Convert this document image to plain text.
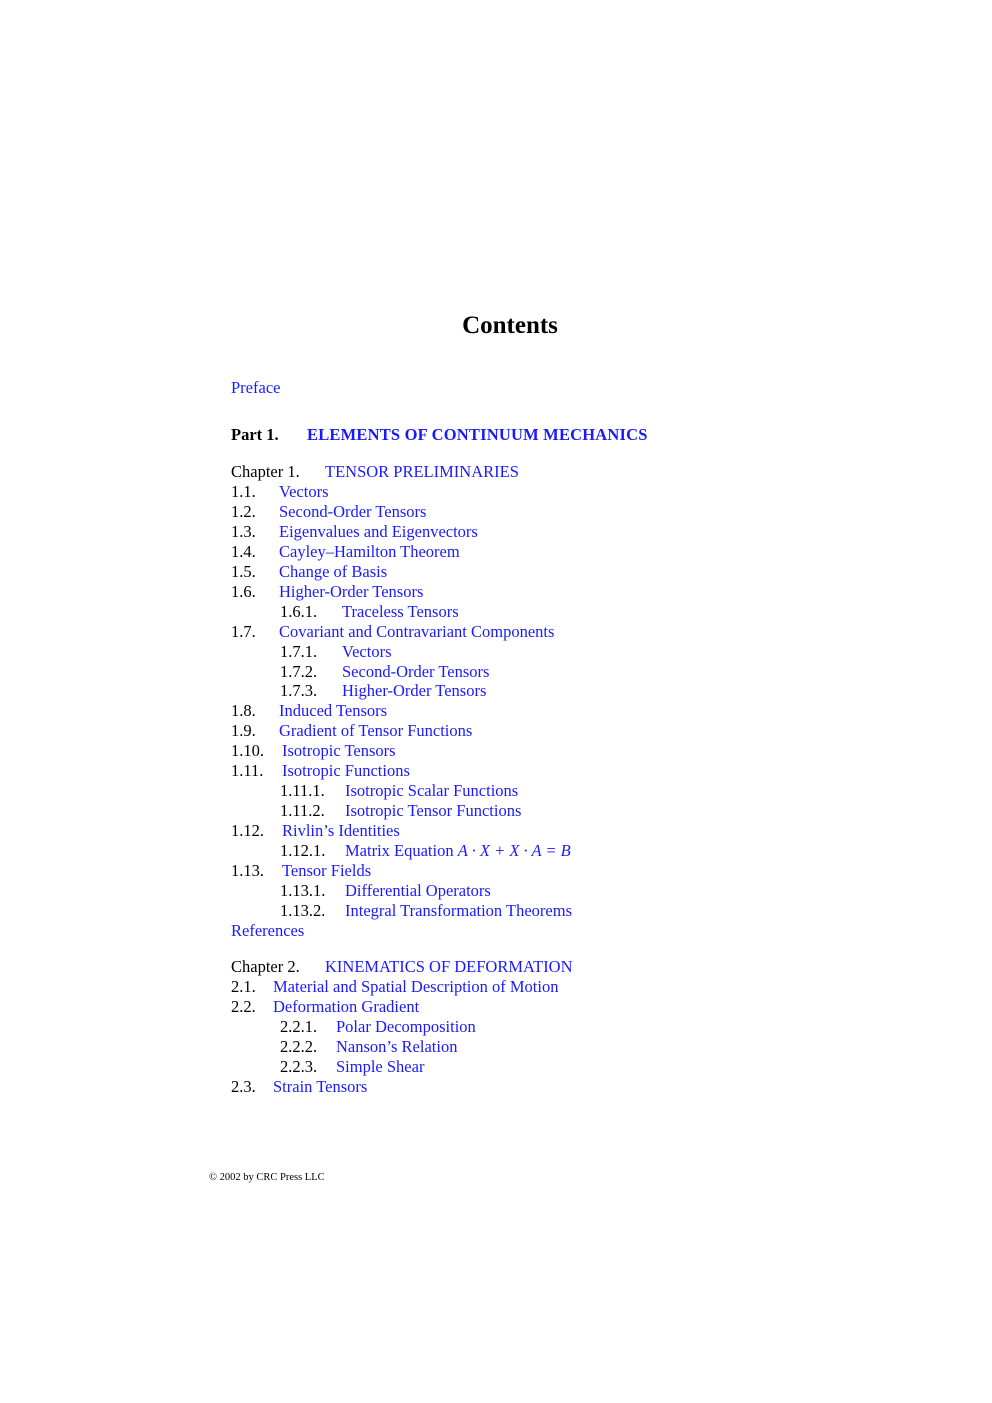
Contents
Preface
Part 1. ELEMENTS OF CONTINUUM MECHANICS
Chapter 1. TENSOR PRELIMINARIES
1.1. Vectors
1.2. Second-Order Tensors
1.3. Eigenvalues and Eigenvectors
1.4. Cayley–Hamilton Theorem
1.5. Change of Basis
1.6. Higher-Order Tensors
1.6.1. Traceless Tensors
1.7. Covariant and Contravariant Components
1.7.1. Vectors
1.7.2. Second-Order Tensors
1.7.3. Higher-Order Tensors
1.8. Induced Tensors
1.9. Gradient of Tensor Functions
1.10. Isotropic Tensors
1.11. Isotropic Functions
1.11.1. Isotropic Scalar Functions
1.11.2. Isotropic Tensor Functions
1.12. Rivlin’s Identities
1.12.1. Matrix Equation A · X + X · A = B
1.13. Tensor Fields
1.13.1. Differential Operators
1.13.2. Integral Transformation Theorems
References
Chapter 2. KINEMATICS OF DEFORMATION
2.1. Material and Spatial Description of Motion
2.2. Deformation Gradient
2.2.1. Polar Decomposition
2.2.2. Nanson’s Relation
2.2.3. Simple Shear
2.3. Strain Tensors
© 2002 by CRC Press LLC
